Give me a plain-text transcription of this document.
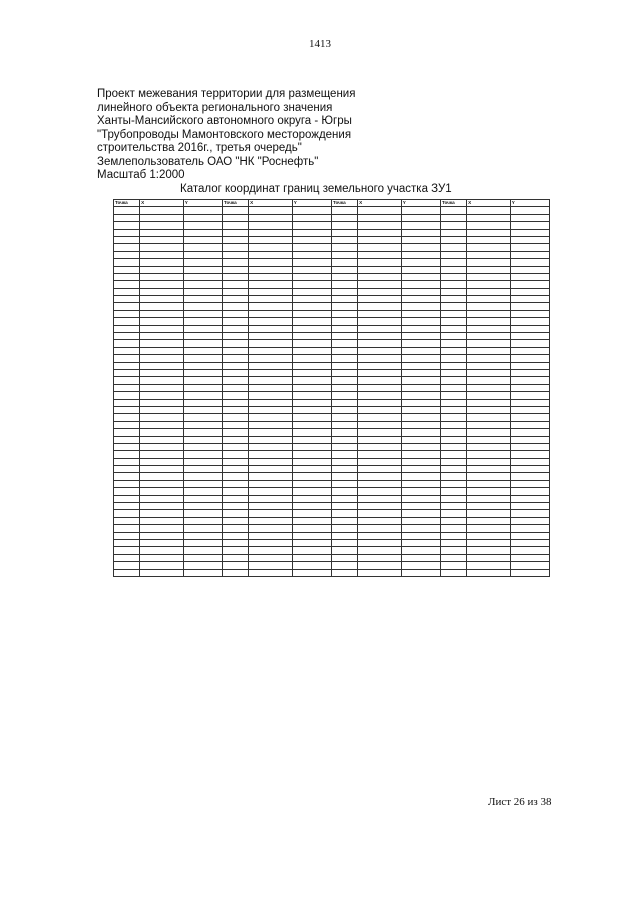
1413
Проект межевания территории для размещения
линейного объекта регионального значения
Ханты-Мансийского автономного округа - Югры
"Трубопроводы Мамонтовского месторождения
строительства 2016г., третья очередь"
Землепользователь ОАО "НК "Роснефть"
Масштаб 1:2000
Каталог координат границ земельного участка ЗУ1
Точка	X	Y	Точка	X	Y	Точка	X	Y	Точка	X	Y

Лист 26 из 38
